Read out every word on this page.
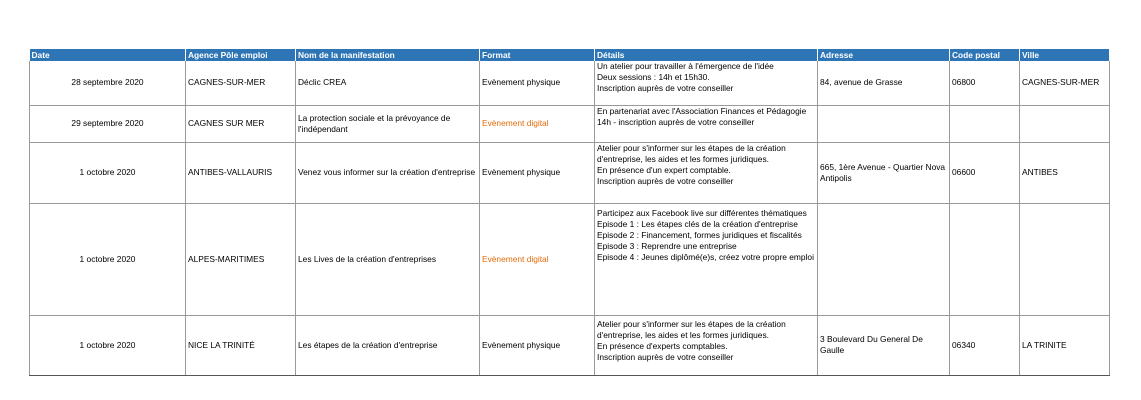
Date	Agence Pôle emploi	Nom de la manifestation	Format	Détails	Adresse	Code postal	Ville
28 septembre 2020	CAGNES-SUR-MER	Déclic CREA	Evènement physique	Un atelier pour travailler à l'émergence de l'idée
Deux sessions : 14h et 15h30.
Inscription auprès de votre conseiller	84, avenue de Grasse	06800	CAGNES-SUR-MER
29 septembre 2020	CAGNES SUR MER	La protection sociale et la prévoyance de l'indépendant	Evènement digital	En partenariat avec l'Association Finances et Pédagogie
14h - inscription auprès de votre conseiller			

1 octobre 2020	ANTIBES-VALLAURIS	Venez vous informer sur la création d'entreprise	Evènement physique	Atelier pour s'informer sur les étapes de la création d'entreprise, les aides et les formes juridiques.
En présence d'un expert comptable.
Inscription auprès de votre conseiller	665, 1ère Avenue - Quartier Nova Antipolis	06600	ANTIBES
1 octobre 2020	ALPES-MARITIMES	Les Lives de la création d'entreprises	Evènement digital	Participez aux Facebook live sur différentes thématiques
Episode 1 : Les étapes clés de la création d'entreprise
Episode 2 : Financement, formes juridiques et fiscalités
Episode 3 : Reprendre une entreprise
Episode 4 : Jeunes diplômé(e)s, créez votre propre emploi			

1 octobre 2020	NICE LA TRINITÉ	Les étapes de la création d'entreprise	Evènement physique	Atelier pour s'informer sur les étapes de la création d'entreprise, les aides et les formes juridiques.
En présence d'experts comptables.
Inscription auprès de votre conseiller	3 Boulevard Du General De Gaulle	06340	LA TRINITE
